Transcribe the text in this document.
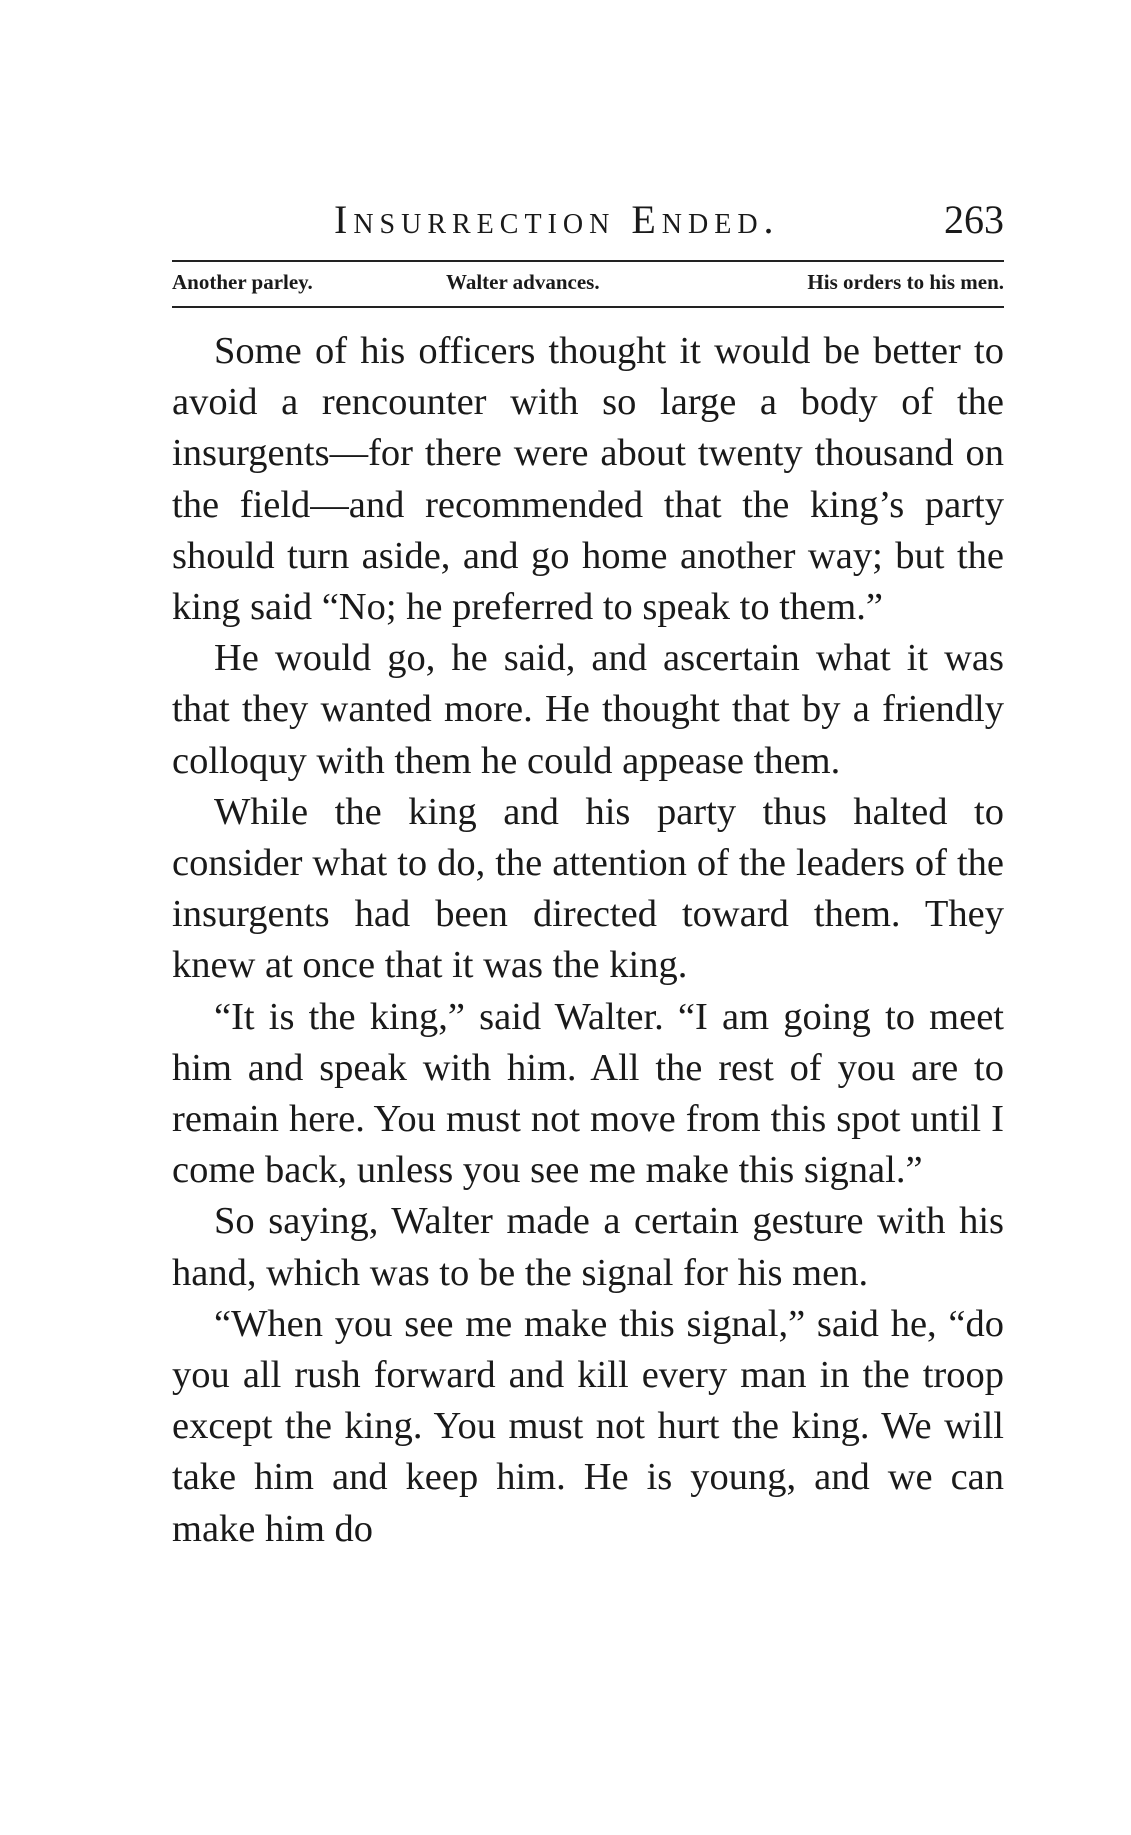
Insurrection Ended.	263
Another parley.	Walter advances.	His orders to his men.

Some of his officers thought it would be better to avoid a rencounter with so large a body of the insurgents—for there were about twenty thousand on the field—and recommended that the king’s party should turn aside, and go home another way; but the king said “No; he preferred to speak to them.”

He would go, he said, and ascertain what it was that they wanted more. He thought that by a friendly colloquy with them he could appease them.

While the king and his party thus halted to consider what to do, the attention of the leaders of the insurgents had been directed toward them. They knew at once that it was the king.

“It is the king,” said Walter. “I am going to meet him and speak with him. All the rest of you are to remain here. You must not move from this spot until I come back, unless you see me make this signal.”

So saying, Walter made a certain gesture with his hand, which was to be the signal for his men.

“When you see me make this signal,” said he, “do you all rush forward and kill every man in the troop except the king. You must not hurt the king. We will take him and keep him. He is young, and we can make him do
